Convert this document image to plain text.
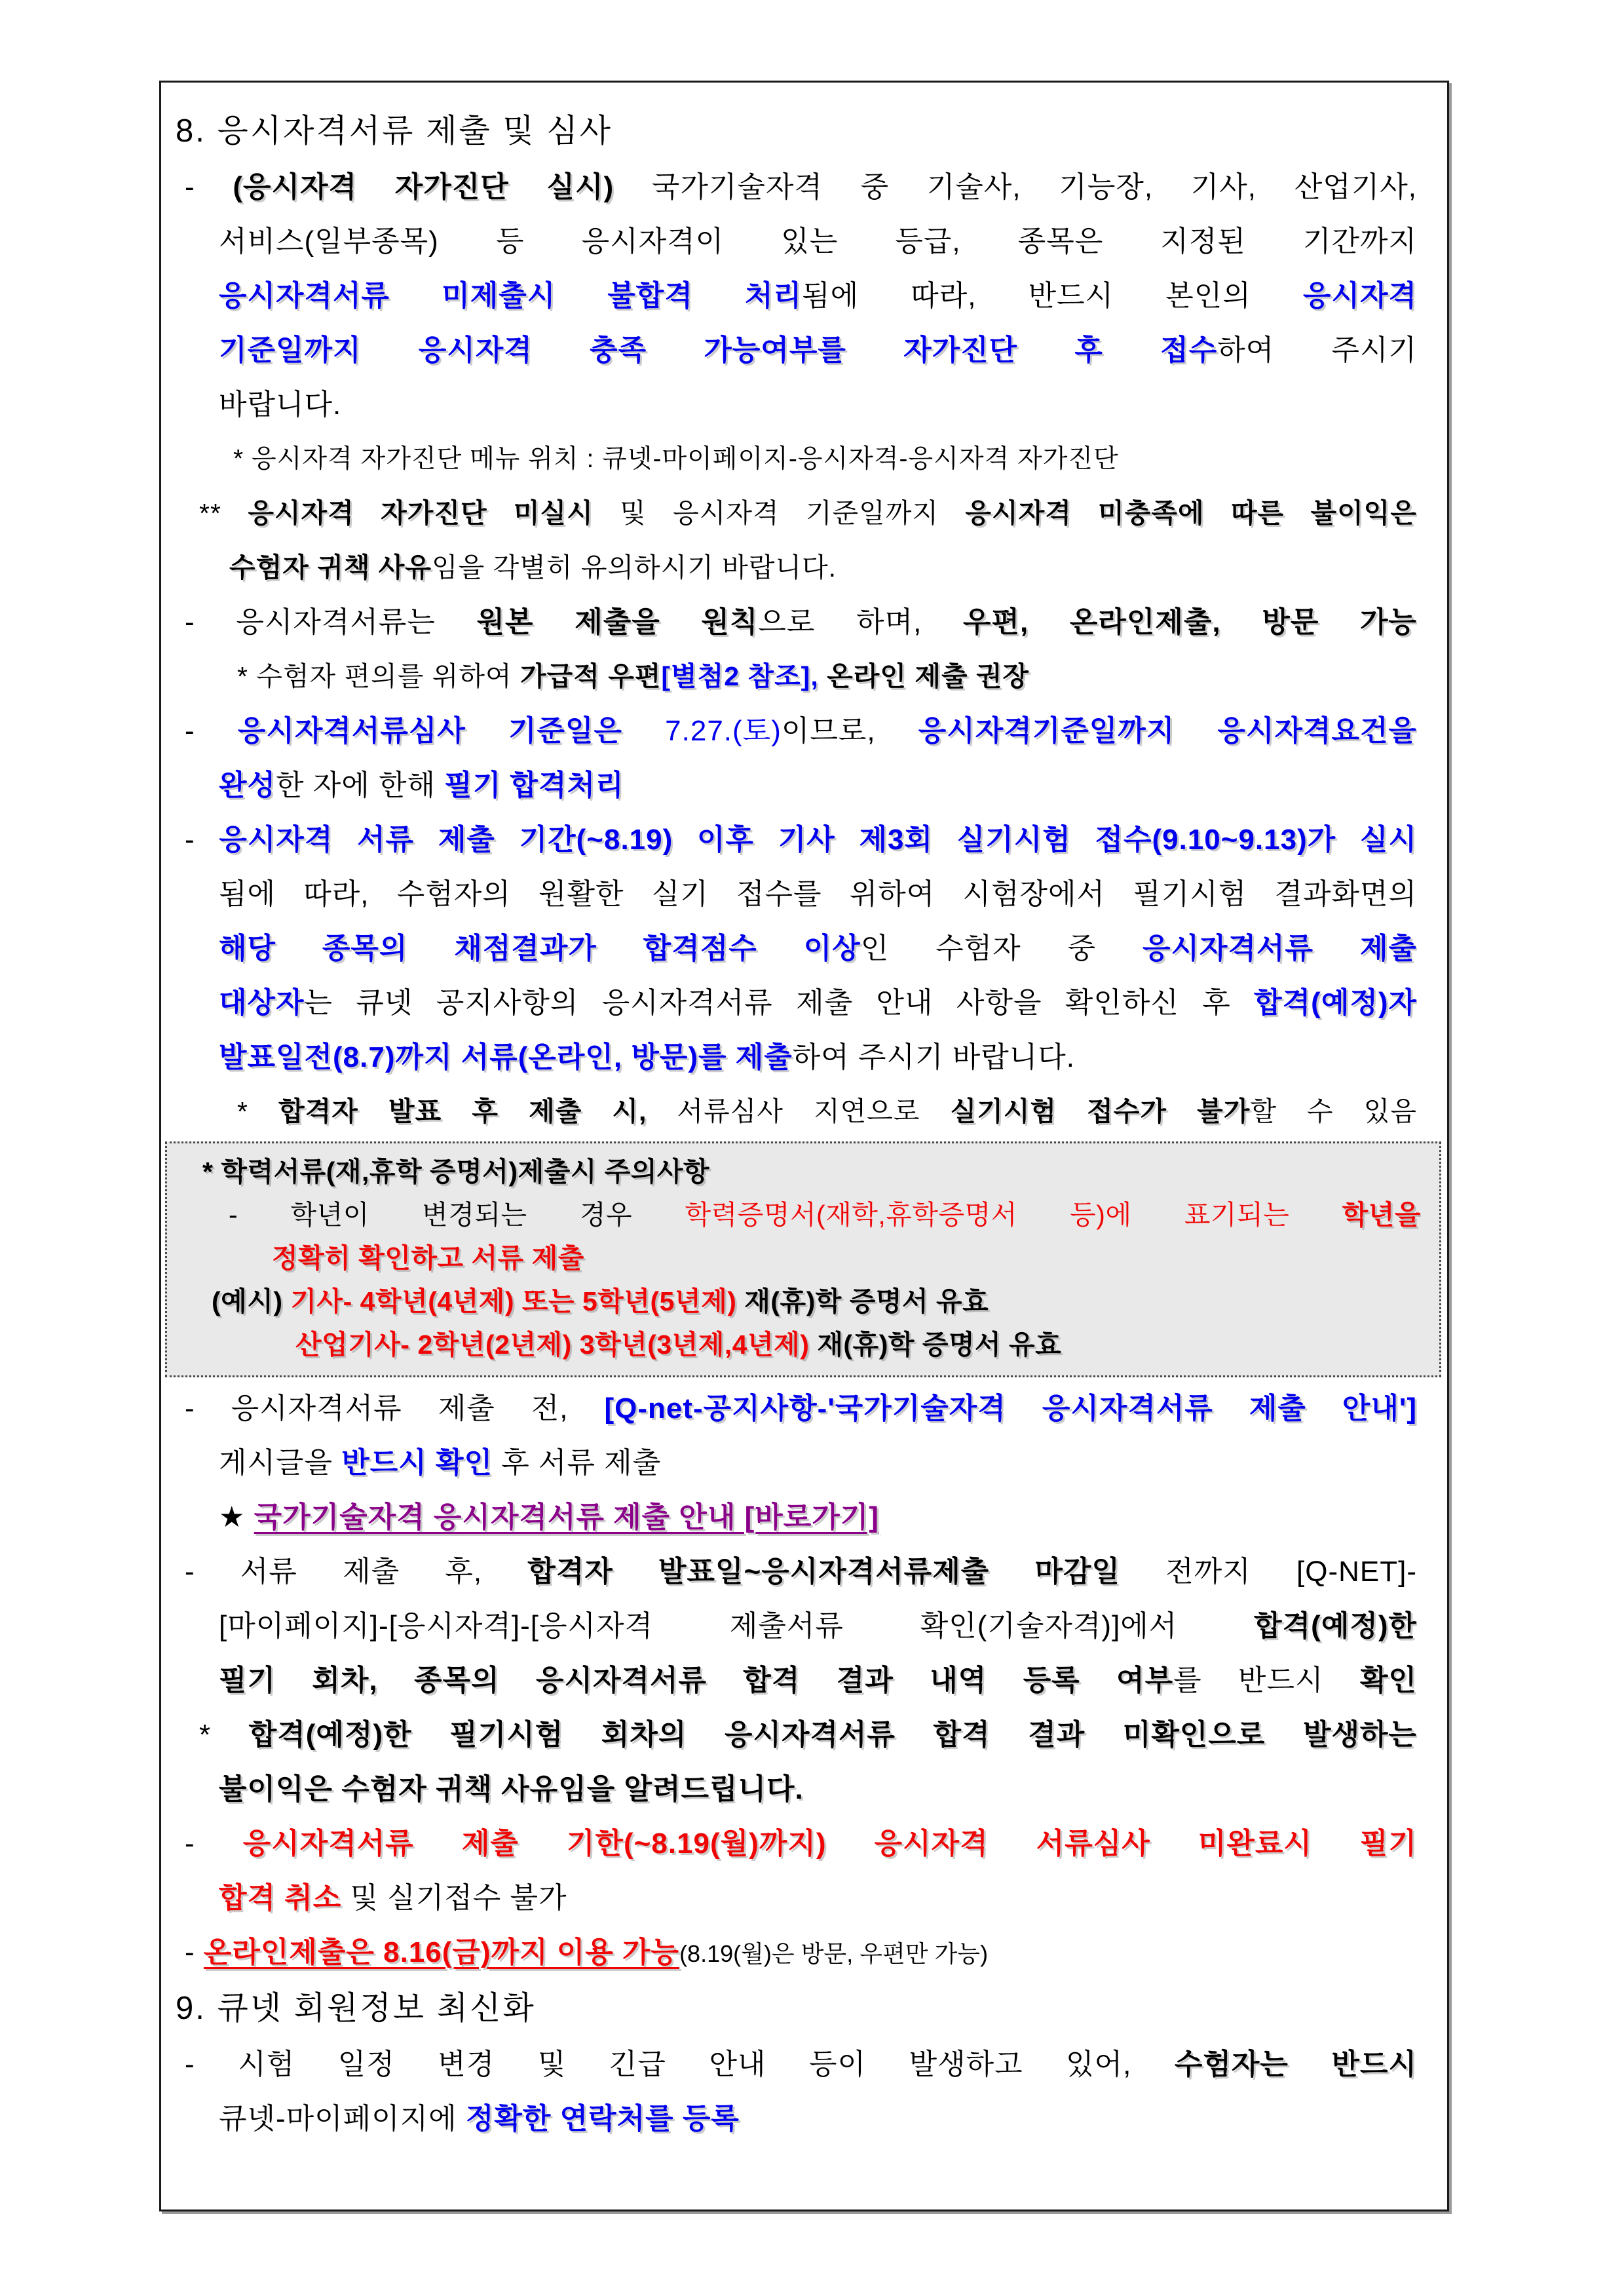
8. 응시자격서류 제출 및 심사
- (응시자격 자가진단 실시) 국가기술자격 중 기술사, 기능장, 기사, 산업기사,
서비스(일부종목) 등 응시자격이 있는 등급, 종목은 지정된 기간까지
응시자격서류 미제출시 불합격 처리됨에 따라, 반드시 본인의 응시자격
기준일까지 응시자격 충족 가능여부를 자가진단 후 접수하여 주시기
바랍니다.
* 응시자격 자가진단 메뉴 위치 : 큐넷-마이페이지-응시자격-응시자격 자가진단
** 응시자격 자가진단 미실시 및 응시자격 기준일까지 응시자격 미충족에 따른 불이익은
수험자 귀책 사유임을 각별히 유의하시기 바랍니다.
- 응시자격서류는 원본 제출을 원칙으로 하며, 우편, 온라인제출, 방문 가능
* 수험자 편의를 위하여 가급적 우편[별첨2 참조], 온라인 제출 권장
- 응시자격서류심사 기준일은 7.27.(토)이므로, 응시자격기준일까지 응시자격요건을
완성한 자에 한해 필기 합격처리
- 응시자격 서류 제출 기간(~8.19) 이후 기사 제3회 실기시험 접수(9.10~9.13)가 실시
됨에 따라, 수험자의 원활한 실기 접수를 위하여 시험장에서 필기시험 결과화면의
해당 종목의 채점결과가 합격점수 이상인 수험자 중 응시자격서류 제출
대상자는 큐넷 공지사항의 응시자격서류 제출 안내 사항을 확인하신 후 합격(예정)자
발표일전(8.7)까지 서류(온라인, 방문)를 제출하여 주시기 바랍니다.
* 합격자 발표 후 제출 시, 서류심사 지연으로 실기시험 접수가 불가할 수 있음
* 학력서류(재,휴학 증명서)제출시 주의사항
- 학년이 변경되는 경우 학력증명서(재학,휴학증명서 등)에 표기되는 학년을
정확히 확인하고 서류 제출
(예시) 기사- 4학년(4년제) 또는 5학년(5년제) 재(휴)학 증명서 유효
산업기사- 2학년(2년제) 3학년(3년제,4년제) 재(휴)학 증명서 유효
- 응시자격서류 제출 전, [Q-net-공지사항-'국가기술자격 응시자격서류 제출 안내']
게시글을 반드시 확인 후 서류 제출
★ 국가기술자격 응시자격서류 제출 안내 [바로가기]
- 서류 제출 후, 합격자 발표일~응시자격서류제출 마감일 전까지 [Q-NET]-
[마이페이지]-[응시자격]-[응시자격 제출서류 확인(기술자격)]에서 합격(예정)한
필기 회차, 종목의 응시자격서류 합격 결과 내역 등록 여부를 반드시 확인
* 합격(예정)한 필기시험 회차의 응시자격서류 합격 결과 미확인으로 발생하는
불이익은 수험자 귀책 사유임을 알려드립니다.
- 응시자격서류 제출 기한(~8.19(월)까지) 응시자격 서류심사 미완료시 필기
합격 취소 및 실기접수 불가
- 온라인제출은 8.16(금)까지 이용 가능(8.19(월)은 방문, 우편만 가능)
9. 큐넷 회원정보 최신화
- 시험 일정 변경 및 긴급 안내 등이 발생하고 있어, 수험자는 반드시
큐넷-마이페이지에 정확한 연락처를 등록
